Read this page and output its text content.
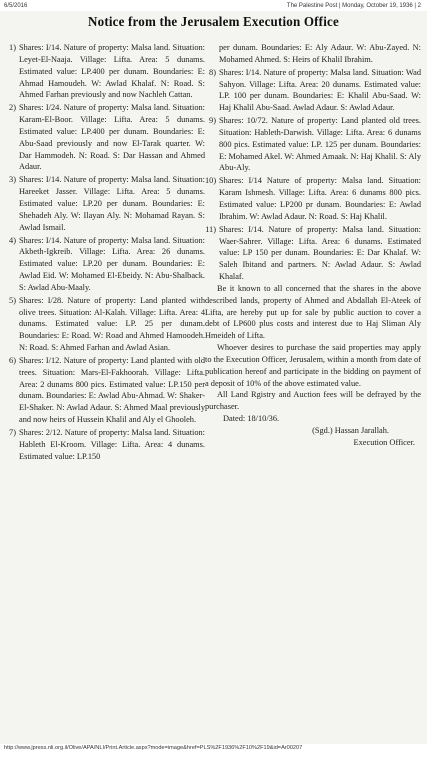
6/5/2016	The Palestine Post | Monday, October 19, 1936 | 2
Notice from the Jerusalem Execution Office
1) Shares: I/14. Nature of property: Malsa land. Situation: Leyet-El-Naaja. Village: Lifta. Area: 5 dunams. Estimated value: LP.400 per dunam. Boundaries: E: Ahmad Hamoudeh. W: Awlad Khalaf. N: Road. S: Ahmed Farhan previously and now Nachleh Cattan.
2) Shares: I/24. Nature of property: Malsa land. Situation: Karam-El-Boor. Village: Lifta. Area: 5 dunams. Estimated value: LP.400 per dunam. Boundaries: E: Abu-Saad previously and now El-Tarak quarter. W: Dar Hammodeh. N: Road. S: Dar Hassan and Ahmed Adaur.
3) Shares: I/14. Nature of property: Malsa land. Situation: Hareeket Jasser. Village: Lifta. Area: 5 dunams. Estimated value: LP.20 per dunam. Boundaries: E: Shehadeh Aly. W: Ilayan Aly. N: Mohamad Rayan. S: Awlad Ismail.
4) Shares: I/14. Nature of property: Malsa land. Situation: Akbeth-Igkreib. Village: Lifta. Area: 26 dunams. Estimated value: LP.20 per dunam. Boundaries: E: Awlad Eid. W: Mohamed El-Ebeidy. N: Abu-Shalback. S: Awlad Abu-Maaly.
5) Shares: I/28. Nature of property: Land planted with olive trees. Situation: Al-Kalah. Village: Lifta. Area: 4 dunams. Estimated value: LP. 25 per dunam. Boundaries: E: Road. W: Road and Ahmed Hamoodeh. N: Road. S: Ahmed Farhan and Awlad Asian.
6) Shares: I/12. Nature of property: Land planted with old trees. Situation: Mars-El-Fakhoorah. Village: Lifta. Area: 2 dunams 800 pics. Estimated value: LP.150 per dunam. Boundaries: E: Awlad Abu-Ahmad. W: Shaker-El-Shaker. N: Awlad Adaur. S: Ahmed Maal previously and now heirs of Hussein Khalil and Aly el Ghooleh.
7) Shares: 2/12. Nature of property: Malsa land. Situation: Hableth El-Kroom. Village: Lifta. Area: 4 dunams. Estimated value: LP.150
per dunam. Boundaries: E: Aly Adaur. W: Abu-Zayed. N: Mohamed Ahmed. S: Heirs of Khalil Ibrahim.
8) Shares: I/14. Nature of property: Malsa land. Situation: Wad Sahyon. Village: Lifta. Area: 20 dunams. Estimated value: LP. 100 per dunam. Boundaries: E: Khalil Abu-Saad. W: Haj Khalil Abu-Saad. Awlad Adaur. S: Awlad Adaur.
9) Shares: 10/72. Nature of property: Land planted old trees. Situation: Hableth-Darwish. Village: Lifta. Area: 6 dunams 800 pics. Estimated value: LP. 125 per dunam. Boundaries: E: Mohamed Akel. W: Ahmed Amaak. N: Haj Khalil. S: Aly Abu-Aly.
10) Shares: I/14 Nature of property: Malsa land. Situation: Karam Ishmesh. Village: Lifta. Area: 6 dunams 800 pics. Estimated value: LP200 pr dunam. Boundaries: E: Awlad Ibrahim. W: Awlad Adaur. N: Road. S: Haj Khalil.
11) Shares: I/14. Nature of property: Malsa land. Situation: Waer-Sahrer. Village: Lifta. Area: 6 dunams. Estimated value: LP 150 per dunam. Boundaries: E: Dar Khalaf. W: Saleh Ibitand and partners. N: Awlad Adaur. S: Awlad Khalaf.
Be it known to all concerned that the shares in the above described lands, property of Ahmed and Abdallah El-Ateek of Lifta, are hereby put up for sale by public auction to cover a debt of LP600 plus costs and interest due to Haj Sliman Aly Hmeideh of Lifta.
Whoever desires to purchase the said properties may apply to the Execution Officer, Jerusalem, within a month from date of publication hereof and participate in the bidding on payment of a deposit of 10% of the above estimated value.
All Land Rgistry and Auction fees will be defrayed by the purchaser.
Dated: 18/10/36.
(Sgd.) Hassan Jarallah.
Execution Officer.
http://www.jpress.nli.org.il/Olive/APA/NLI/Print.Article.aspx?mode=image&href=PLS%2F1936%2F10%2F19&id=Ar00207
